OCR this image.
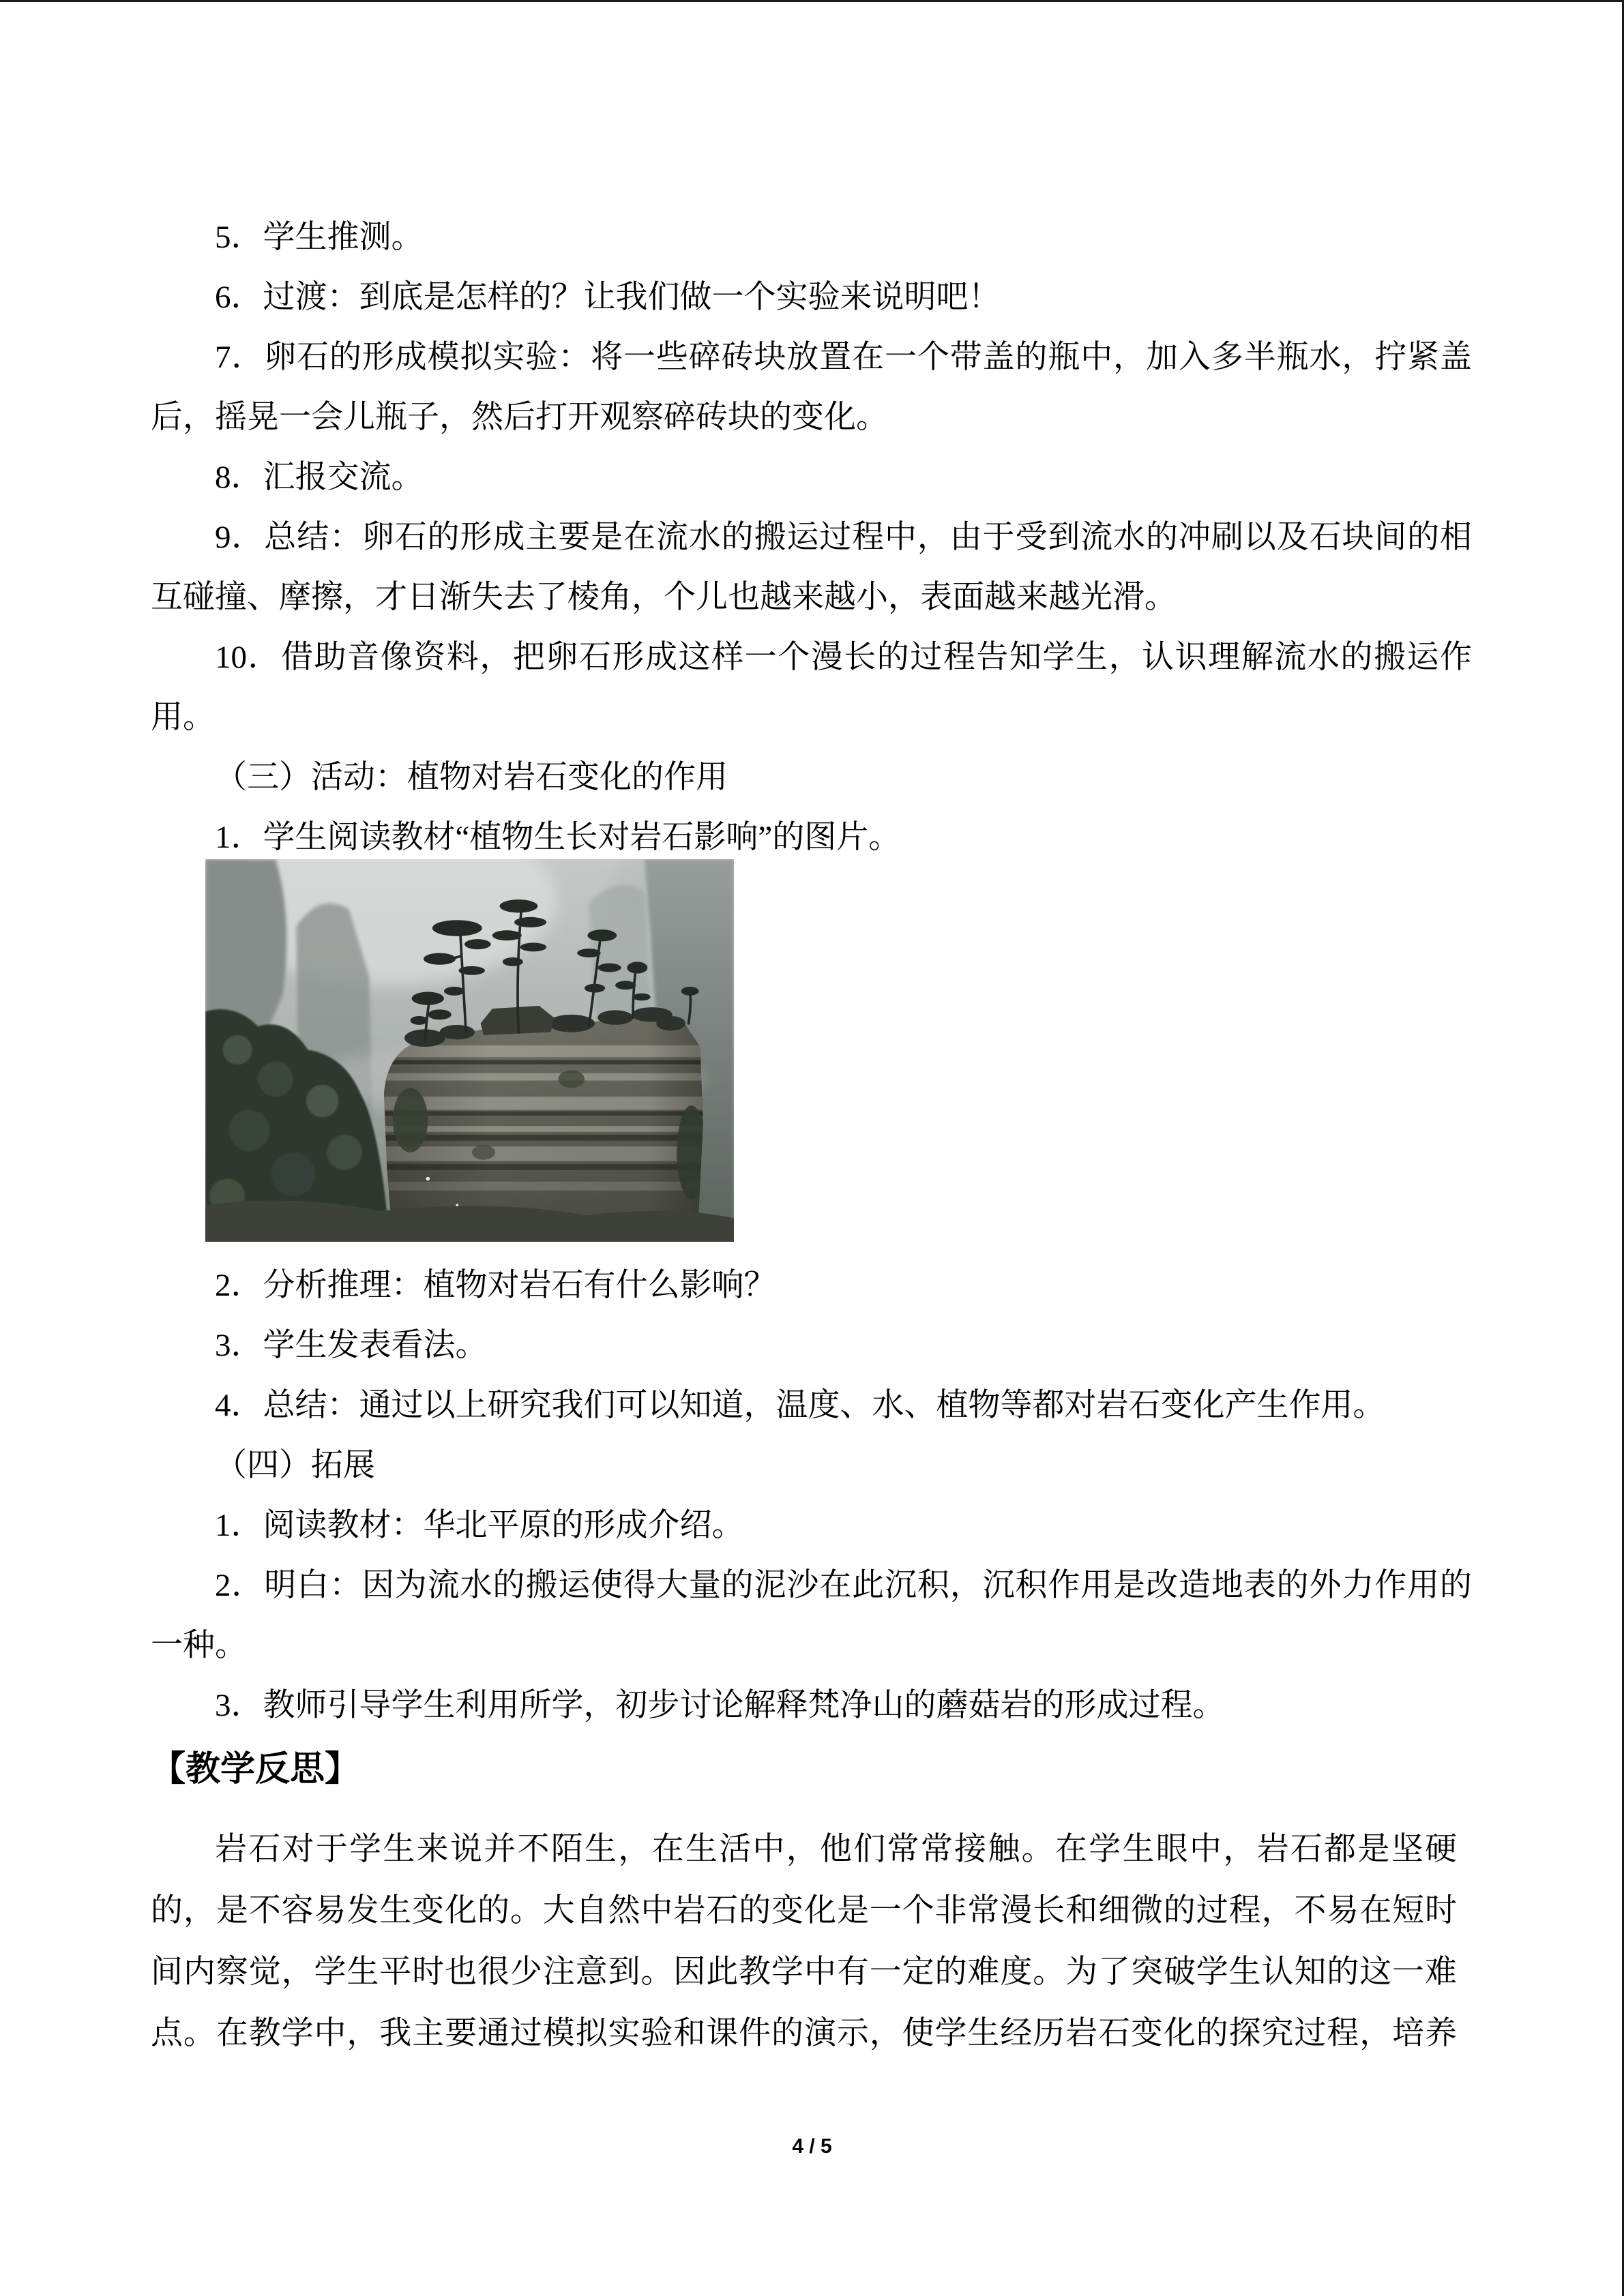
5．学生推测。
6．过渡：到底是怎样的？让我们做一个实验来说明吧！
7．卵石的形成模拟实验：将一些碎砖块放置在一个带盖的瓶中，加入多半瓶水，拧紧盖
后，摇晃一会儿瓶子，然后打开观察碎砖块的变化。
8．汇报交流。
9．总结：卵石的形成主要是在流水的搬运过程中，由于受到流水的冲刷以及石块间的相
互碰撞、摩擦，才日渐失去了棱角，个儿也越来越小，表面越来越光滑。
10．借助音像资料，把卵石形成这样一个漫长的过程告知学生，认识理解流水的搬运作
用。
（三）活动：植物对岩石变化的作用
1．学生阅读教材“植物生长对岩石影响”的图片。
2．分析推理：植物对岩石有什么影响？
3．学生发表看法。
4．总结：通过以上研究我们可以知道，温度、水、植物等都对岩石变化产生作用。
（四）拓展
1．阅读教材：华北平原的形成介绍。
2．明白：因为流水的搬运使得大量的泥沙在此沉积，沉积作用是改造地表的外力作用的
一种。
3．教师引导学生利用所学，初步讨论解释梵净山的蘑菇岩的形成过程。
【教学反思】
岩石对于学生来说并不陌生，在生活中，他们常常接触。在学生眼中，岩石都是坚硬
的，是不容易发生变化的。大自然中岩石的变化是一个非常漫长和细微的过程，不易在短时
间内察觉，学生平时也很少注意到。因此教学中有一定的难度。为了突破学生认知的这一难
点。在教学中，我主要通过模拟实验和课件的演示，使学生经历岩石变化的探究过程，培养
4 / 5
